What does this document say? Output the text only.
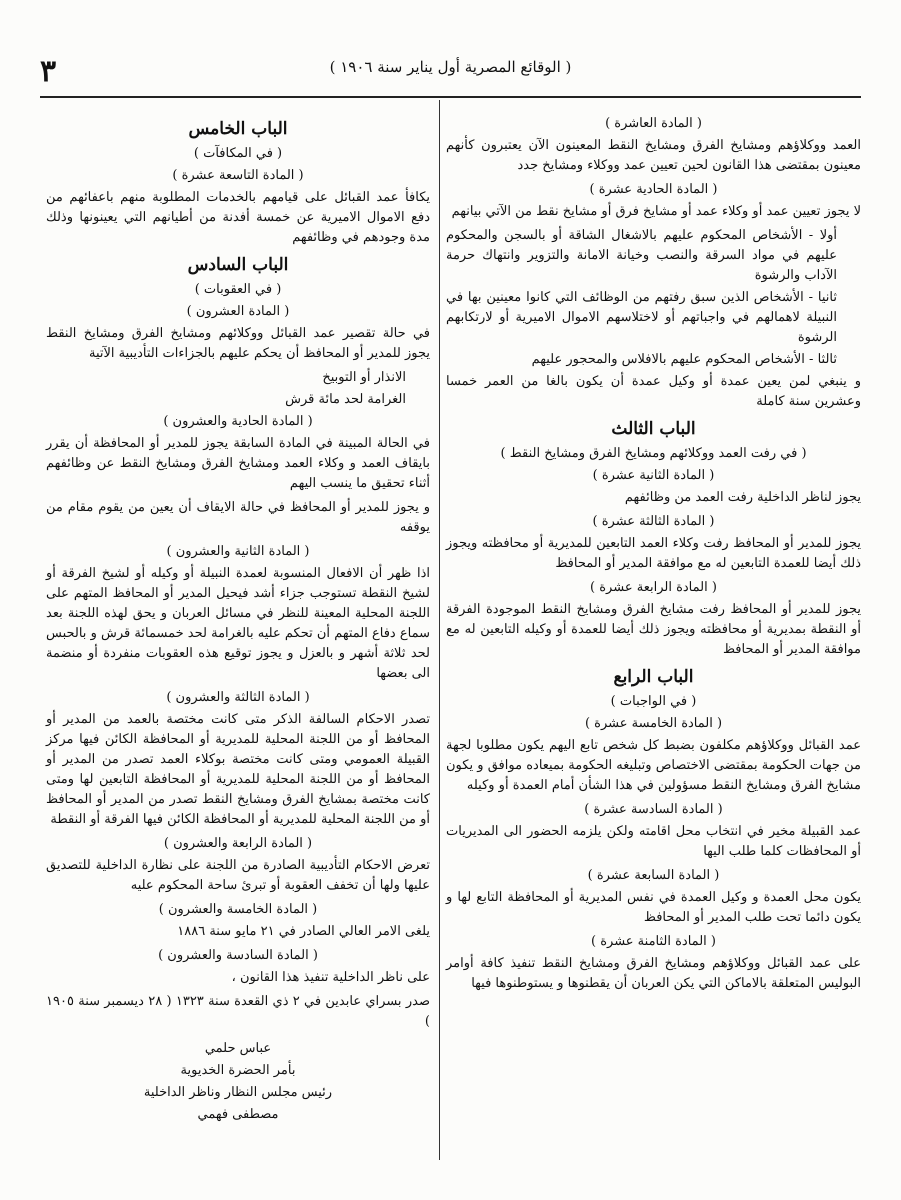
٣	( الوقائع المصرية أول يناير سنة ١٩٠٦ )
( المادة العاشرة )

العمد ووكلاؤهم ومشايخ الفرق ومشايخ النقط المعينون الآن يعتبرون كأنهم معينون بمقتضى هذا القانون لحين تعيين عمد ووكلاء ومشايخ جدد

( المادة الحادية عشرة )

لا يجوز تعيين عمد أو وكلاء عمد أو مشايخ فرق أو مشايخ نقط من الآتي بيانهم

أولا - الأشخاص المحكوم عليهم بالاشغال الشاقة أو بالسجن والمحكوم عليهم في مواد السرقة والنصب وخيانة الامانة والتزوير وانتهاك حرمة الآداب والرشوة

ثانيا - الأشخاص الذين سبق رفتهم من الوظائف التي كانوا معينين بها في النبيلة لاهمالهم في واجباتهم أو لاختلاسهم الاموال الاميرية أو لارتكابهم الرشوة

ثالثا - الأشخاص المحكوم عليهم بالافلاس والمحجور عليهم

و ينبغي لمن يعين عمدة أو وكيل عمدة أن يكون بالغا من العمر خمسا وعشرين سنة كاملة

الباب الثالث
( في رفت العمد ووكلائهم ومشايخ الفرق ومشايخ النقط )
( المادة الثانية عشرة )

يجوز لناظر الداخلية رفت العمد من وظائفهم

( المادة الثالثة عشرة )

يجوز للمدير أو المحافظ رفت وكلاء العمد التابعين للمديرية أو محافظته ويجوز ذلك أيضا للعمدة التابعين له مع موافقة المدير أو المحافظ

( المادة الرابعة عشرة )

يجوز للمدير أو المحافظ رفت مشايخ الفرق ومشايخ النقط الموجودة الفرقة أو النقطة بمديرية أو محافظته ويجوز ذلك أيضا للعمدة أو وكيله التابعين له مع موافقة المدير أو المحافظ

الباب الرابع
( في الواجبات )
( المادة الخامسة عشرة )

عمد القبائل ووكلاؤهم مكلفون بضبط كل شخص تابع اليهم يكون مطلوبا لجهة من جهات الحكومة بمقتضى الاختصاص وتبليغه الحكومة بميعاده موافق و يكون مشايخ الفرق ومشايخ النقط مسؤولين في هذا الشأن أمام العمدة أو وكيله

( المادة السادسة عشرة )

عمد القبيلة مخير في انتخاب محل اقامته ولكن يلزمه الحضور الى المديريات أو المحافظات كلما طلب اليها

( المادة السابعة عشرة )

يكون محل العمدة و وكيل العمدة في نفس المديرية أو المحافظة التابع لها و يكون دائما تحت طلب المدير أو المحافظ

( المادة الثامنة عشرة )

على عمد القبائل ووكلاؤهم ومشايخ الفرق ومشايخ النقط تنفيذ كافة أوامر البوليس المتعلقة بالاماكن التي يكن العربان أن يقطنوها و يستوطنوها فيها

الباب الخامس
( في المكافآت )
( المادة التاسعة عشرة )

يكافأ عمد القبائل على قيامهم بالخدمات المطلوبة منهم باعفائهم من دفع الاموال الاميرية عن خمسة أفدنة من أطيانهم التي يعينونها وذلك مدة وجودهم في وظائفهم

الباب السادس
( في العقوبات )
( المادة العشرون )

في حالة تقصير عمد القبائل ووكلائهم ومشايخ الفرق ومشايخ النقط يجوز للمدير أو المحافظ أن يحكم عليهم بالجزاءات التأديبية الآتية

الانذار أو التوبيخ

الغرامة لحد مائة قرش

( المادة الحادية والعشرون )

في الحالة المبينة في المادة السابقة يجوز للمدير أو المحافظة أن يقرر بايقاف العمد و وكلاء العمد ومشايخ الفرق ومشايخ النقط عن وظائفهم أثناء تحقيق ما ينسب اليهم

و يجوز للمدير أو المحافظ في حالة الايقاف أن يعين من يقوم مقام من يوقفه

( المادة الثانية والعشرون )

اذا ظهر أن الافعال المنسوبة لعمدة النبيلة أو وكيله أو لشيخ الفرقة أو لشيخ النقطة تستوجب جزاء أشد فيحيل المدير أو المحافظ المتهم على اللجنة المحلية المعينة للنظر في مسائل العربان و يحق لهذه اللجنة بعد سماع دفاع المتهم أن تحكم عليه بالغرامة لحد خمسمائة قرش و بالحبس لحد ثلاثة أشهر و بالعزل و يجوز توقيع هذه العقوبات منفردة أو منضمة الى بعضها

( المادة الثالثة والعشرون )

تصدر الاحكام السالفة الذكر متى كانت مختصة بالعمد من المدير أو المحافظ أو من اللجنة المحلية للمديرية أو المحافظة الكائن فيها مركز القبيلة العمومي ومتى كانت مختصة بوكلاء العمد تصدر من المدير أو المحافظ أو من اللجنة المحلية للمديرية أو المحافظة التابعين لها ومتى كانت مختصة بمشايخ الفرق ومشايخ النقط تصدر من المدير أو المحافظ أو من اللجنة المحلية للمديرية أو المحافظة الكائن فيها الفرقة أو النقطة

( المادة الرابعة والعشرون )

تعرض الاحكام التأديبية الصادرة من اللجنة على نظارة الداخلية للتصديق عليها ولها أن تخفف العقوبة أو تبرئ ساحة المحكوم عليه

( المادة الخامسة والعشرون )

يلغى الامر العالي الصادر في ٢١ مايو سنة ١٨٨٦

( المادة السادسة والعشرون )

على ناظر الداخلية تنفيذ هذا القانون ،

صدر بسراي عابدين في ٢ ذي القعدة سنة ١٣٢٣ ( ٢٨ ديسمبر سنة ١٩٠٥ )

عباس حلمي

بأمر الحضرة الخديوية

رئيس مجلس النظار وناظر الداخلية

مصطفى فهمي
